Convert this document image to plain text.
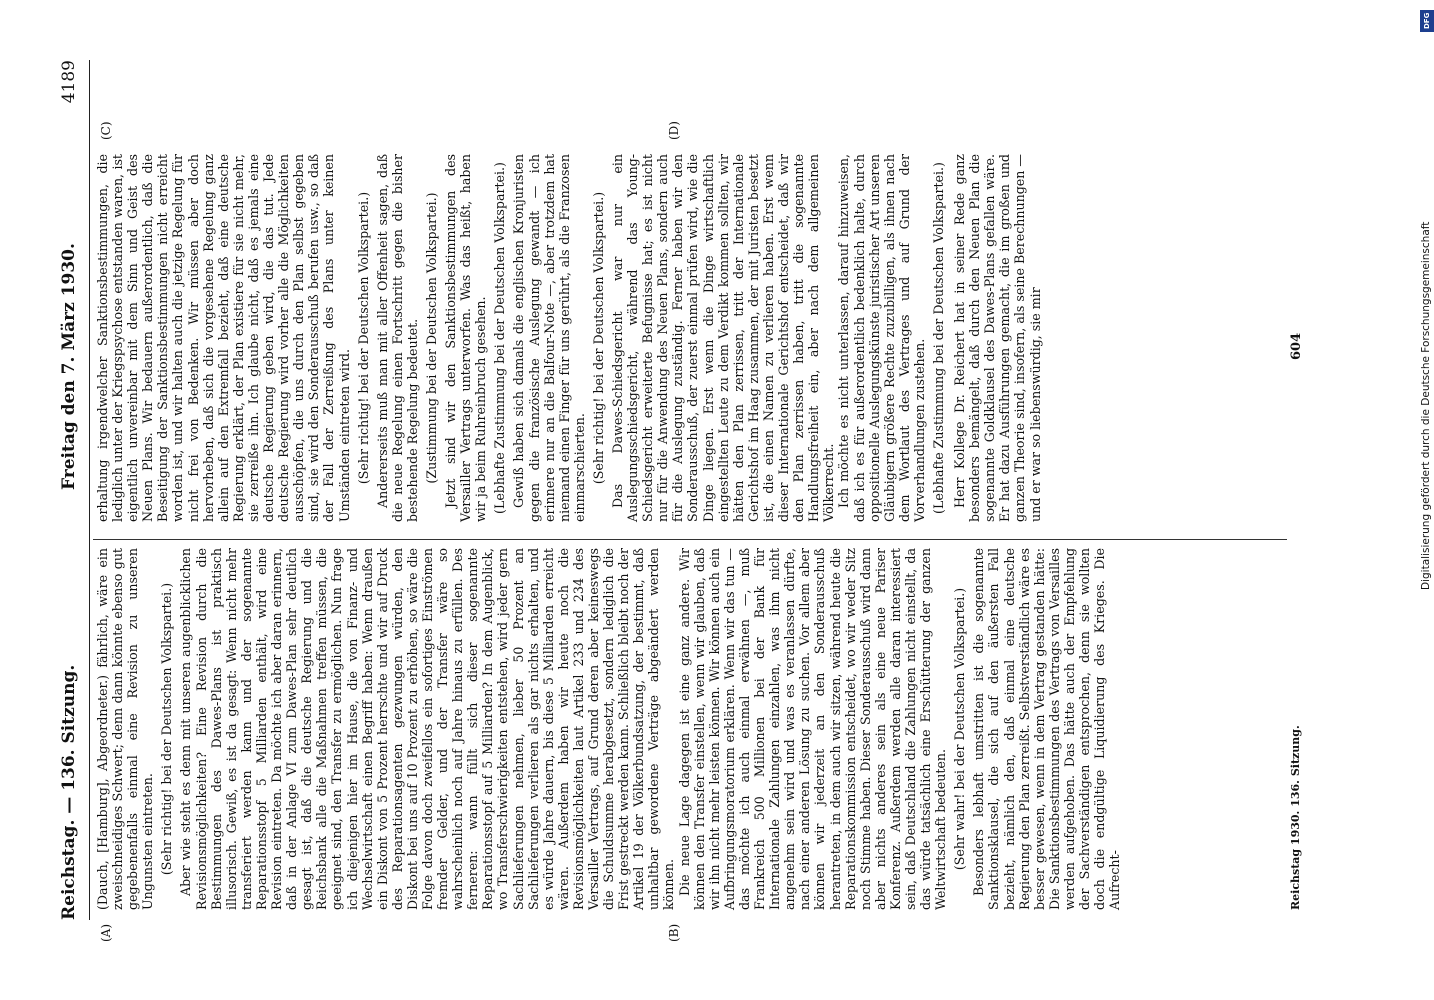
Reichstag. — 136. Sitzung.
Freitag den 7. März 1930.
4189
(A)	(B)
(C)	(D)

(Dauch, [Hamburg], Abgeordneter.) fährlich, wäre ein zweischneidiges Schwert; denn dann könnte ebenso gut gegebenenfalls einmal eine Revision zu unseren Ungunsten eintreten. (Sehr richtig! bei der Deutschen Volkspartei.) Aber wie steht es denn mit unseren augenblicklichen Revisionsmöglichkeiten? Eine Revision durch die Bestimmungen des Dawes-Plans ist praktisch illusorisch. Gewiß, es ist da gesagt: Wenn nicht mehr transferiert werden kann und der sogenannte Reparationsstopf 5 Milliarden enthält, wird eine Revision eintreten. Da möchte ich aber daran erinnern, daß in der Anlage VI zum Dawes-Plan sehr deutlich gesagt ist, daß die deutsche Regierung und die Reichsbank alle die Maßnahmen treffen müssen, die geeignet sind, den Transfer zu ermöglichen. Nun frage ich diejenigen hier im Hause, die von Finanz- und Wechselwirtschaft einen Begriff haben: Wenn draußen ein Diskont von 5 Prozent herrschte und wir auf Druck des Reparationsagenten gezwungen würden, den Diskont bei uns auf 10 Prozent zu erhöhen, so wäre die Folge davon doch zweifellos ein sofortiges Einströmen fremder Gelder, und der Transfer wäre so wahrscheinlich noch auf Jahre hinaus zu erfüllen. Des ferneren: wann füllt sich dieser sogenannte Reparationsstopf auf 5 Milliarden? In dem Augenblick, wo Transferschwierigkeiten entstehen, wird jeder gern Sachlieferungen nehmen, lieber 50 Prozent an Sachlieferungen verlieren als gar nichts erhalten, und es würde Jahre dauern, bis diese 5 Milliarden erreicht wären. Außerdem haben wir heute noch die Revisionsmöglichkeiten laut Artikel 233 und 234 des Versailler Vertrags, auf Grund deren aber keineswegs die Schuldsumme herabgesetzt, sondern lediglich die Frist gestreckt werden kann. Schließlich bleibt noch der Artikel 19 der Völkerbundsatzung, der bestimmt, daß unhaltbar gewordene Verträge abgeändert werden können. Die neue Lage dagegen ist eine ganz andere. Wir können den Transfer einstellen, wenn wir glauben, daß wir ihn nicht mehr leisten können. Wir können auch ein Aufbringungsmoratorium erklären. Wenn wir das tun — das möchte ich auch einmal erwähnen —, muß Frankreich 500 Millionen bei der Bank für Internationale Zahlungen einzahlen, was ihm nicht angenehm sein wird und was es veranlassen dürfte, nach einer anderen Lösung zu suchen. Vor allem aber können wir jederzeit an den Sonderausschuß herantreten, in dem auch wir sitzen, während heute die Reparationskommission entscheidet, wo wir weder Sitz noch Stimme haben. Dieser Sonderausschuß wird dann aber nichts anderes sein als eine neue Pariser Konferenz. Außerdem werden alle daran interessiert sein, daß Deutschland die Zahlungen nicht einstellt, da das würde tatsächlich eine Erschütterung der ganzen Weltwirtschaft bedeuten. (Sehr wahr! bei der Deutschen Volkspartei.) Besonders lebhaft umstritten ist die sogenannte Sanktionsklausel, die sich auf den äußersten Fall bezieht, nämlich den, daß einmal eine deutsche Regierung den Plan zerreißt. Selbstverständlich wäre es besser gewesen, wenn in dem Vertrag gestanden hätte: Die Sanktionsbestimmungen des Vertrags von Versailles werden aufgehoben. Das hätte auch der Empfehlung der Sachverständigen entsprochen, denn sie wollten doch die endgültige Liquidierung des Krieges. Die Aufrecht-

erhaltung irgendwelcher Sanktionsbestimmungen, die lediglich unter der Kriegspsychose entstanden waren, ist eigentlich unvereinbar mit dem Sinn und Geist des Neuen Plans. Wir bedauern außerordentlich, daß die Beseitigung der Sanktionsbestimmungen nicht erreicht worden ist, und wir halten auch die jetzige Regelung für nicht frei von Bedenken. Wir müssen aber doch hervorheben, daß sich die vorgesehene Regelung ganz allein auf den Extremfall bezieht, daß eine deutsche Regierung erklärt, der Plan existiere für sie nicht mehr, sie zerreiße ihn. Ich glaube nicht, daß es jemals eine deutsche Regierung geben wird, die das tut. Jede deutsche Regierung wird vorher alle die Möglichkeiten ausschöpfen, die uns durch den Plan selbst gegeben sind, sie wird den Sonderausschuß berufen usw., so daß der Fall der Zerreißung des Plans unter keinen Umständen eintreten wird. (Sehr richtig! bei der Deutschen Volkspartei.) Andererseits muß man mit aller Offenheit sagen, daß die neue Regelung einen Fortschritt gegen die bisher bestehende Regelung bedeutet. (Zustimmung bei der Deutschen Volkspartei.) Jetzt sind wir den Sanktionsbestimmungen des Versailler Vertrags unterworfen. Was das heißt, haben wir ja beim Ruhreinbruch gesehen. (Lebhafte Zustimmung bei der Deutschen Volkspartei.) Gewiß haben sich damals die englischen Kronjuristen gegen die französische Auslegung gewandt — ich erinnere nur an die Balfour-Note —, aber trotzdem hat niemand einen Finger für uns gerührt, als die Franzosen einmarschierten. (Sehr richtig! bei der Deutschen Volkspartei.) Das Dawes-Schiedsgericht war nur ein Auslegungsschiedsgericht, während das Young-Schiedsgericht erweiterte Befugnisse hat; es ist nicht nur für die Anwendung des Neuen Plans, sondern auch für die Auslegung zuständig. Ferner haben wir den Sonderausschuß, der zuerst einmal prüfen wird, wie die Dinge liegen. Erst wenn die Dinge wirtschaftlich eingestellten Leute zu dem Verdikt kommen sollten, wir hätten den Plan zerrissen, tritt der Internationale Gerichtshof im Haag zusammen, der mit Juristen besetzt ist, die einen Namen zu verlieren haben. Erst wenn dieser Internationale Gerichtshof entscheidet, daß wir den Plan zerrissen haben, tritt die sogenannte Handlungsfreiheit ein, aber nach dem allgemeinen Völkerrecht. Ich möchte es nicht unterlassen, darauf hinzuweisen, daß ich es für außerordentlich bedenklich halte, durch oppositionelle Auslegungskünste juristischer Art unseren Gläubigern größere Rechte zuzubilligen, als ihnen nach dem Wortlaut des Vertrages und auf Grund der Vorverhandlungen zustehen. (Lebhafte Zustimmung bei der Deutschen Volkspartei.) Herr Kollege Dr. Reichert hat in seiner Rede ganz besonders bemängelt, daß durch den Neuen Plan die sogenannte Goldklausel des Dawes-Plans gefallen wäre. Er hat dazu Ausführungen gemacht, die im großen und ganzen Theorie sind, insofern, als seine Berechnungen — und er war so liebenswürdig, sie mir

Reichstag 1930. 136. Sitzung.
604	Digitalisierung gefördert durch die Deutsche Forschungsgemeinschaft
DFG
